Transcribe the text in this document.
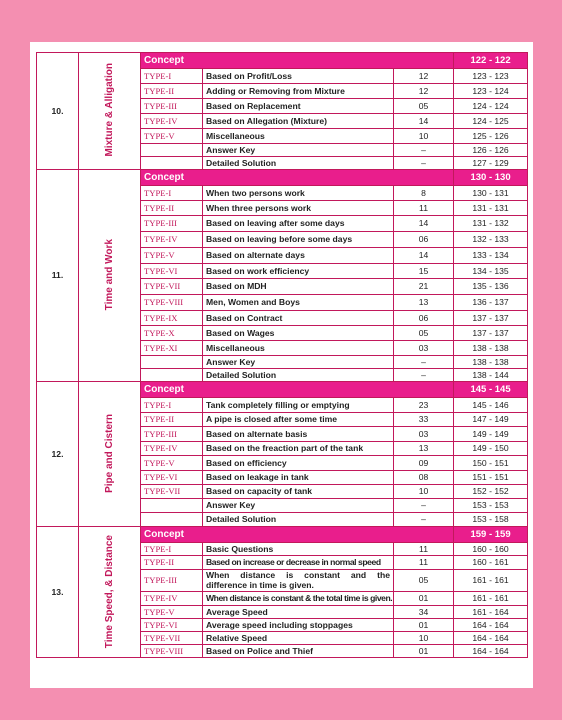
10.	Mixture & Alligation	Concept			122 - 122
		TYPE-I	Based on Profit/Loss	12	123 - 123
		TYPE-II	Adding or Removing from Mixture	12	123 - 124
		TYPE-III	Based on Replacement	05	124 - 124
		TYPE-IV	Based on Allegation (Mixture)	14	124 - 125
		TYPE-V	Miscellaneous	10	125 - 126
			Answer Key	–	126 - 126
			Detailed Solution	–	127 - 129
11.	Time and Work	Concept			130 - 130
		TYPE-I	When two persons work	8	130 - 131
		TYPE-II	When three persons work	11	131 - 131
		TYPE-III	Based on leaving after some days	14	131 - 132
		TYPE-IV	Based on leaving before some days	06	132 - 133
		TYPE-V	Based on alternate days	14	133 - 134
		TYPE-VI	Based on work efficiency	15	134 - 135
		TYPE-VII	Based on MDH	21	135 - 136
		TYPE-VIII	Men, Women and Boys	13	136 - 137
		TYPE-IX	Based on Contract	06	137 - 137
		TYPE-X	Based on Wages	05	137 - 137
		TYPE-XI	Miscellaneous	03	138 - 138
			Answer Key	–	138 - 138
			Detailed Solution	–	138 - 144
12.	Pipe and Cistern	Concept			145 - 145
		TYPE-I	Tank completely filling or emptying	23	145 - 146
		TYPE-II	A pipe is closed after some time	33	147 - 149
		TYPE-III	Based on alternate basis	03	149 - 149
		TYPE-IV	Based on the freaction part of the tank	13	149 - 150
		TYPE-V	Based on efficiency	09	150 - 151
		TYPE-VI	Based on leakage in tank	08	151 - 151
		TYPE-VII	Based on capacity of tank	10	152 - 152
			Answer Key	–	153 - 153
			Detailed Solution	–	153 - 158
13.	Time Speed, & Distance	Concept			159 - 159
		TYPE-I	Basic Questions	11	160 - 160
		TYPE-II	Based on increase or decrease in normal speed	11	160 - 161
		TYPE-III	When distance is constant and the difference in time is given.	05	161 - 161
		TYPE-IV	When distance is constant & the total time is given.	01	161 - 161
		TYPE-V	Average Speed	34	161 - 164
		TYPE-VI	Average speed including stoppages	01	164 - 164
		TYPE-VII	Relative Speed	10	164 - 164
		TYPE-VIII	Based on Police and Thief	01	164 - 164
